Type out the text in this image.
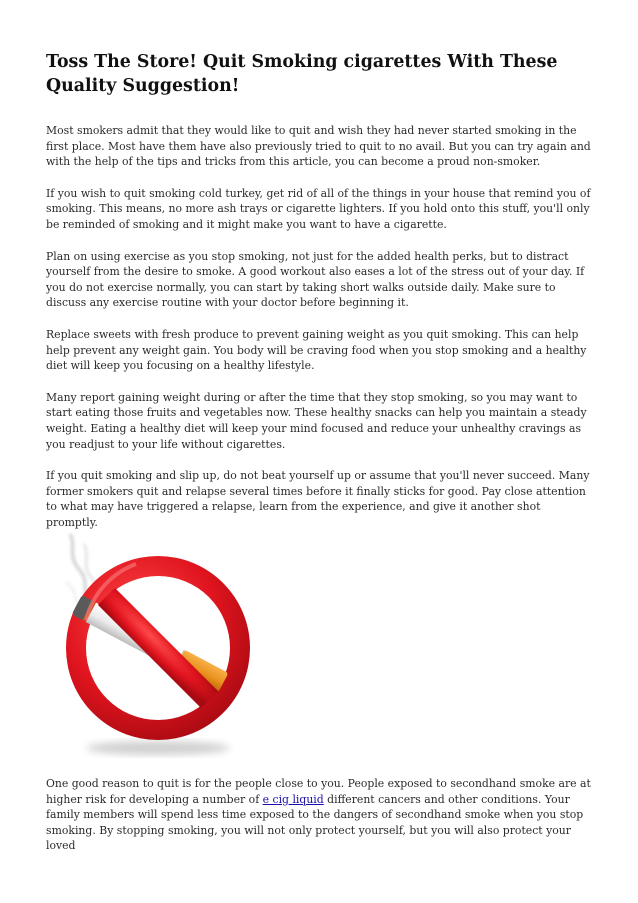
Toss The Store! Quit Smoking cigarettes With These Quality Suggestion!

Most smokers admit that they would like to quit and wish they had never started smoking in the first place. Most have them have also previously tried to quit to no avail. But you can try again and with the help of the tips and tricks from this article, you can become a proud non-smoker.

If you wish to quit smoking cold turkey, get rid of all of the things in your house that remind you of smoking. This means, no more ash trays or cigarette lighters. If you hold onto this stuff, you'll only be reminded of smoking and it might make you want to have a cigarette.

Plan on using exercise as you stop smoking, not just for the added health perks, but to distract yourself from the desire to smoke. A good workout also eases a lot of the stress out of your day. If you do not exercise normally, you can start by taking short walks outside daily. Make sure to discuss any exercise routine with your doctor before beginning it.

Replace sweets with fresh produce to prevent gaining weight as you quit smoking. This can help help prevent any weight gain. You body will be craving food when you stop smoking and a healthy diet will keep you focusing on a healthy lifestyle.

Many report gaining weight during or after the time that they stop smoking, so you may want to start eating those fruits and vegetables now. These healthy snacks can help you maintain a steady weight. Eating a healthy diet will keep your mind focused and reduce your unhealthy cravings as you readjust to your life without cigarettes.

If you quit smoking and slip up, do not beat yourself up or assume that you'll never succeed. Many former smokers quit and relapse several times before it finally sticks for good. Pay close attention to what may have triggered a relapse, learn from the experience, and give it another shot promptly.

One good reason to quit is for the people close to you. People exposed to secondhand smoke are at higher risk for developing a number of e cig liquid different cancers and other conditions. Your family members will spend less time exposed to the dangers of secondhand smoke when you stop smoking. By stopping smoking, you will not only protect yourself, but you will also protect your loved
